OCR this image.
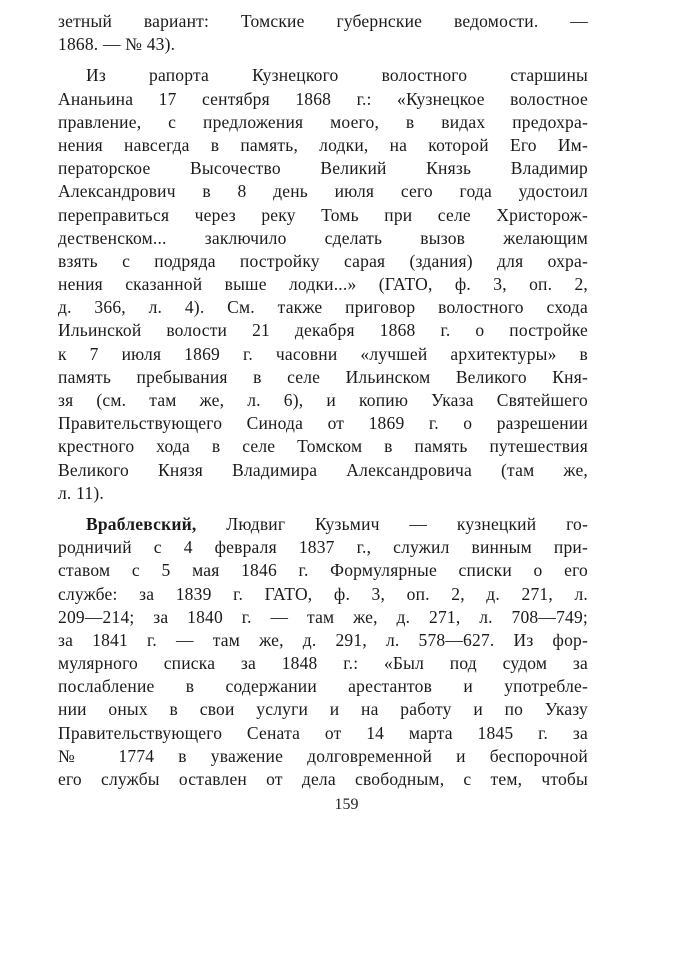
зетный вариант: Томские губернские ведомости. —
1868. — № 43).
Из рапорта Кузнецкого волостного старшины
Ананьина 17 сентября 1868 г.: «Кузнецкое волостное
правление, с предложения моего, в видах предохра-
нения навсегда в память, лодки, на которой Его Им-
ператорское Высочество Великий Князь Владимир
Александрович в 8 день июля сего года удостоил
переправиться через реку Томь при селе Христорож-
дественском... заключило сделать вызов желающим
взять с подряда постройку сарая (здания) для охра-
нения сказанной выше лодки...» (ГАТО, ф. 3, оп. 2,
д. 366, л. 4). См. также приговор волостного схода
Ильинской волости 21 декабря 1868 г. о постройке
к 7 июля 1869 г. часовни «лучшей архитектуры» в
память пребывания в селе Ильинском Великого Кня-
зя (см. там же, л. 6), и копию Указа Святейшего
Правительствующего Синода от 1869 г. о разрешении
крестного хода в селе Томском в память путешествия
Великого Князя Владимира Александровича (там же,
л. 11).
Враблевский, Людвиг Кузьмич — кузнецкий го-
родничий с 4 февраля 1837 г., служил винным при-
ставом с 5 мая 1846 г. Формулярные списки о его
службе: за 1839 г. ГАТО, ф. 3, оп. 2, д. 271, л.
209—214; за 1840 г. — там же, д. 271, л. 708—749;
за 1841 г. — там же, д. 291, л. 578—627. Из фор-
мулярного списка за 1848 г.: «Был под судом за
послабление в содержании арестантов и употребле-
нии оных в свои услуги и на работу и по Указу
Правительствующего Сената от 14 марта 1845 г. за
№ 1774 в уважение долговременной и беспорочной
его службы оставлен от дела свободным, с тем, чтобы
159
